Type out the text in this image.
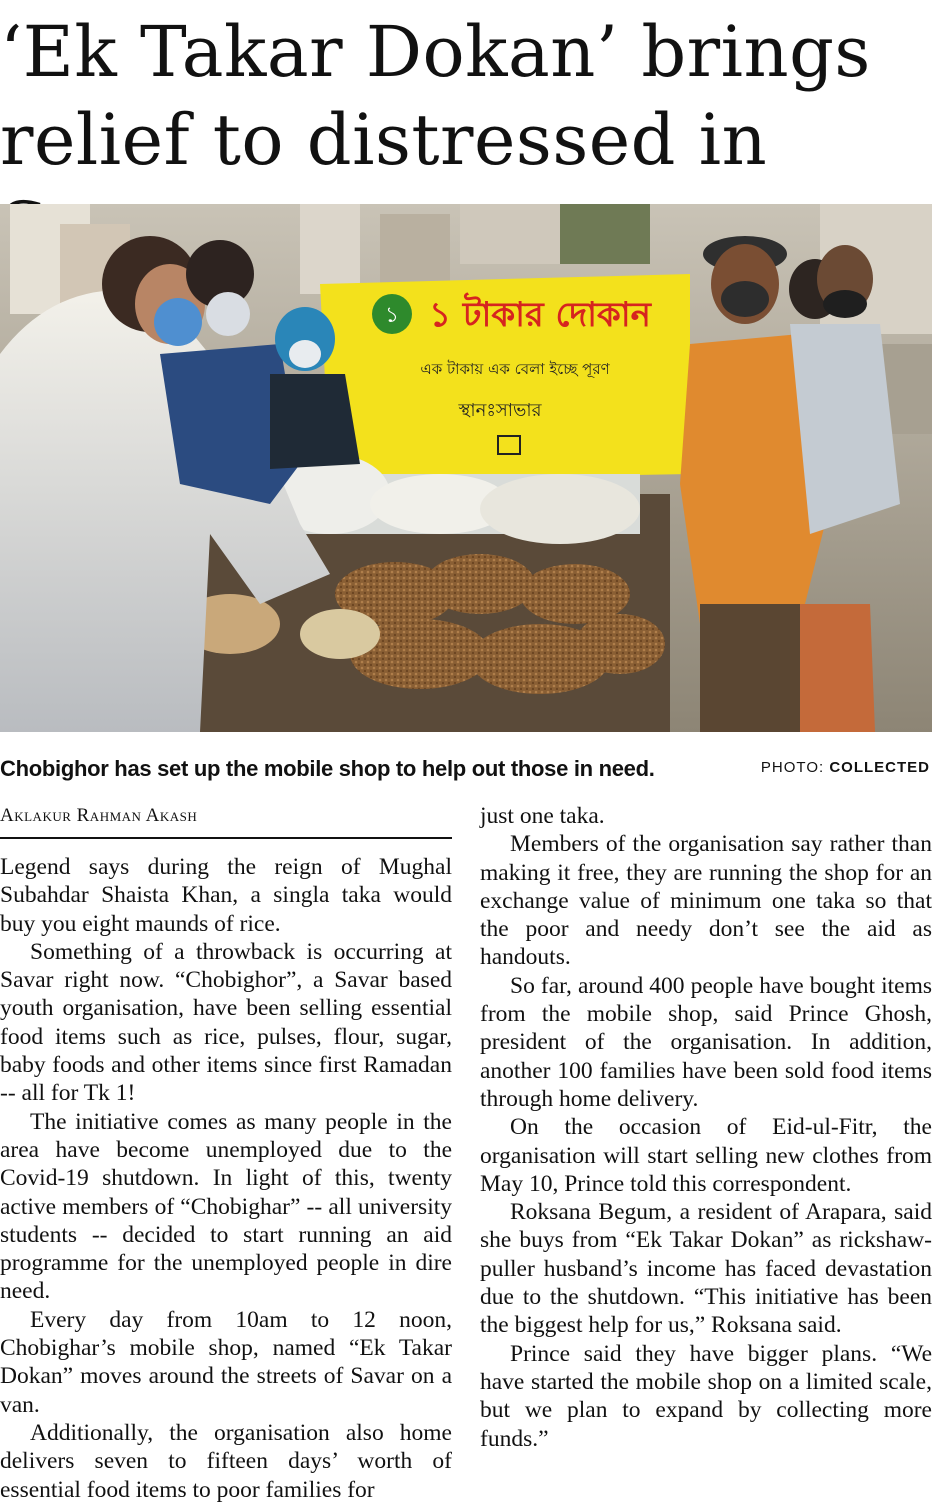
‘Ek Takar Dokan’ brings relief to distressed in
১ ১ টাকার দোকান
এক টাকায় এক বেলা ইচ্ছে পূরণ
স্থানঃসাভার
Chobighor has set up the mobile shop to help out those in need.	PHOTO: COLLECTED
Aklakur Rahman Akash

Legend says during the reign of Mughal Subahdar Shaista Khan, a singla taka would buy you eight maunds of rice.

Something of a throwback is occurring at Savar right now. “Chobighor”, a Savar based youth organisation, have been selling essential food items such as rice, pulses, flour, sugar, baby foods and other items since first Ramadan -- all for Tk 1!

The initiative comes as many people in the area have become unemployed due to the Covid-19 shutdown. In light of this, twenty active members of “Chobighar” -- all university students -- decided to start running an aid programme for the unemployed people in dire need.

Every day from 10am to 12 noon, Chobighar’s mobile shop, named “Ek Takar Dokan” moves around the streets of Savar on a van.

Additionally, the organisation also home delivers seven to fifteen days’ worth of essential food items to poor families for

just one taka.

Members of the organisation say rather than making it free, they are running the shop for an exchange value of minimum one taka so that the poor and needy don’t see the aid as handouts.

So far, around 400 people have bought items from the mobile shop, said Prince Ghosh, president of the organisation. In addition, another 100 families have been sold food items through home delivery.

On the occasion of Eid-ul-Fitr, the organisation will start selling new clothes from May 10, Prince told this correspondent.

Roksana Begum, a resident of Arapara, said she buys from “Ek Takar Dokan” as rickshaw-puller husband’s income has faced devastation due to the shutdown. “This initiative has been the biggest help for us,” Roksana said.

Prince said they have bigger plans. “We have started the mobile shop on a limited scale, but we plan to expand by collecting more funds.”
